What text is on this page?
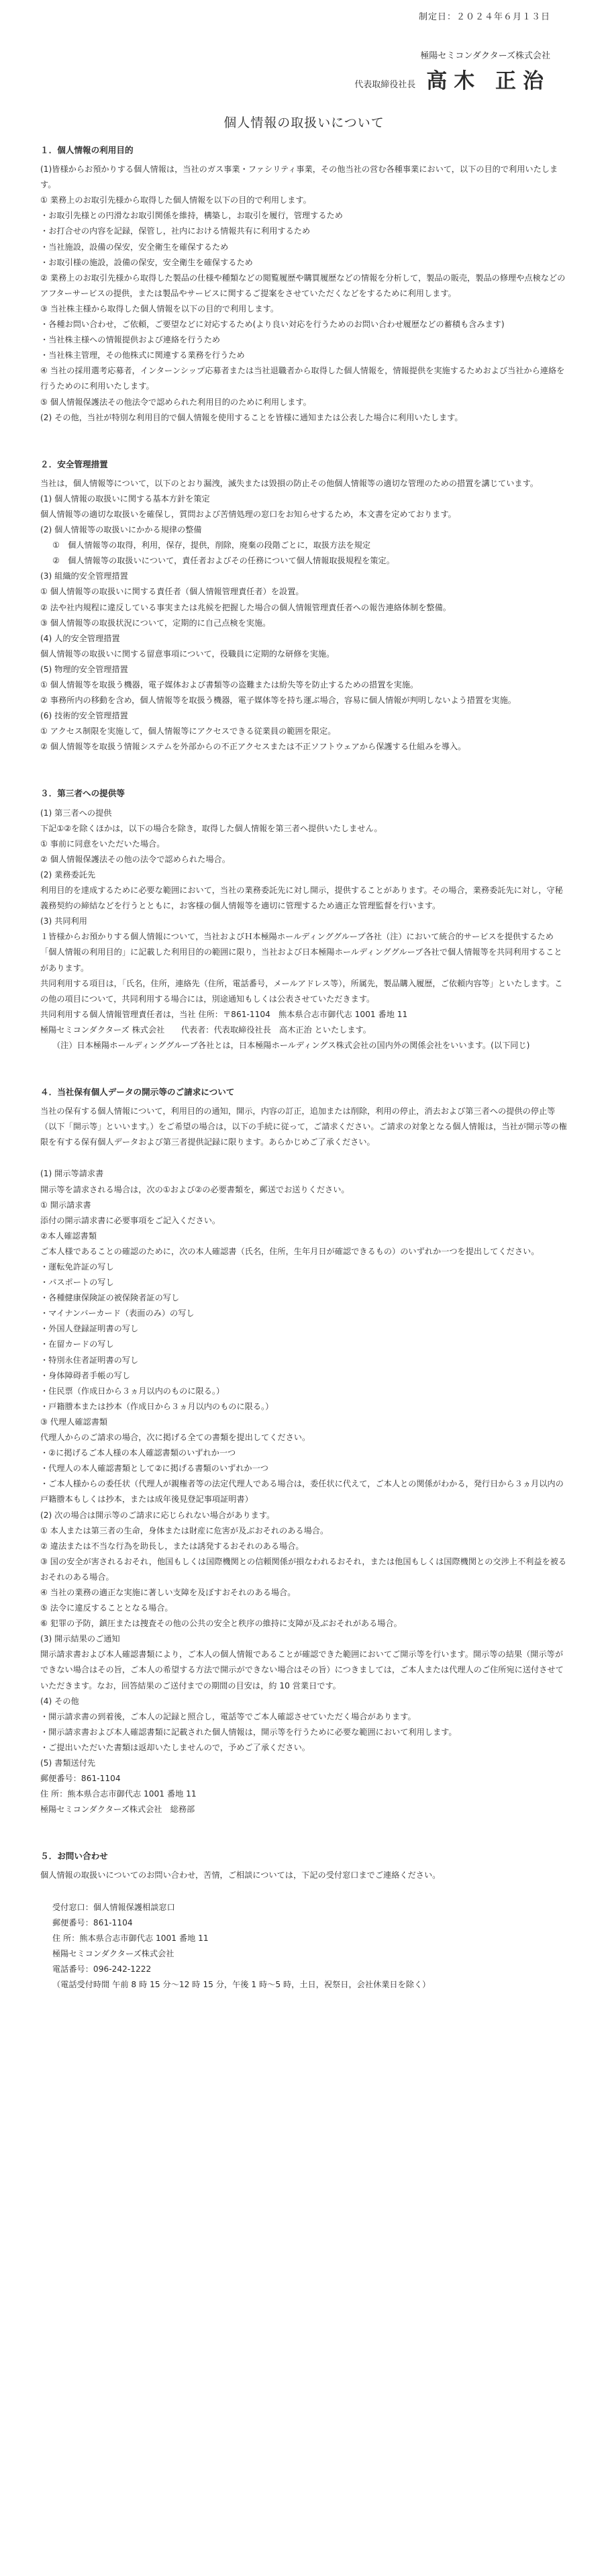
制定日：２０２４年６月１３日
極陽セミコンダクターズ株式会社
代表取締役社長 高木 正治
個人情報の取扱いについて
１．個人情報の利用目的

(1)皆様からお預かりする個人情報は，当社のガス事業・ファシリティ事業，その他当社の営む各種事業において，以下の目的で利用いたします。

① 業務上のお取引先様から取得した個人情報を以下の目的で利用します。

・お取引先様との円滑なお取引関係を維持，構築し，お取引を履行，管理するため

・お打合せの内容を記録，保管し，社内における情報共有に利用するため

・当社施設，設備の保安，安全衛生を確保するため

・お取引様の施設，設備の保安，安全衛生を確保するため

② 業務上のお取引先様から取得した製品の仕様や種類などの閲覧履歴や購買履歴などの情報を分析して，製品の販売，製品の修理や点検などのアフターサービスの提供，または製品やサービスに関するご提案をさせていただくなどをするために利用します。

③ 当社株主様から取得した個人情報を以下の目的で利用します。

・各種お問い合わせ，ご依頼，ご要望などに対応するため(より良い対応を行うためのお問い合わせ履歴などの蓄積も含みます)

・当社株主様への情報提供および連絡を行うため

・当社株主管理，その他株式に関連する業務を行うため

④ 当社の採用選考応募者，インターンシップ応募者または当社退職者から取得した個人情報を，情報提供を実施するためおよび当社から連絡を行うためのに利用いたします。

⑤ 個人情報保護法その他法令で認められた利用目的のために利用します。

(2) その他，当社が特別な利用目的で個人情報を使用することを皆様に通知または公表した場合に利用いたします。

２．安全管理措置

当社は，個人情報等について，以下のとおり漏洩，滅失または毀損の防止その他個人情報等の適切な管理のための措置を講じています。

(1) 個人情報の取扱いに関する基本方針を策定

個人情報等の適切な取扱いを確保し，質問および苦情処理の窓口をお知らせするため，本文書を定めております。

(2) 個人情報等の取扱いにかかる規律の整備

①　個人情報等の取得，利用，保存，提供，削除，廃棄の段階ごとに，取扱方法を規定

②　個人情報等の取扱いについて，責任者およびその任務について個人情報取扱規程を策定。

(3) 組織的安全管理措置

① 個人情報等の取扱いに関する責任者（個人情報管理責任者）を設置。

② 法や社内規程に違反している事実または兆候を把握した場合の個人情報管理責任者への報告連絡体制を整備。

③ 個人情報等の取扱状況について，定期的に自己点検を実施。

(4) 人的安全管理措置

個人情報等の取扱いに関する留意事項について，役職員に定期的な研修を実施。

(5) 物理的安全管理措置

① 個人情報等を取扱う機器，電子媒体および書類等の盗難または紛失等を防止するための措置を実施。

② 事務所内の移動を含め，個人情報等を取扱う機器，電子媒体等を持ち運ぶ場合，容易に個人情報が判明しないよう措置を実施。

(6) 技術的安全管理措置

① アクセス制限を実施して，個人情報等にアクセスできる従業員の範囲を限定。

② 個人情報等を取扱う情報システムを外部からの不正アクセスまたは不正ソフトウェアから保護する仕組みを導入。

３．第三者への提供等

(1) 第三者への提供

下記①②を除くほかは，以下の場合を除き，取得した個人情報を第三者へ提供いたしません。

① 事前に同意をいただいた場合。

② 個人情報保護法その他の法令で認められた場合。

(2) 業務委託先

利用目的を達成するために必要な範囲において，当社の業務委託先に対し開示，提供することがあります。その場合，業務委託先に対し，守秘義務契約の締結などを行うとともに，お客様の個人情報等を適切に管理するため適正な管理監督を行います。

(3) 共同利用

１皆様からお預かりする個人情報について，当社およびＨ本極陽ホールディンググループ各社（注）において統合的サービスを提供するため「個人情報の利用目的」に記載した利用目的の範囲に限り，当社および日本極陽ホールディンググループ各社で個人情報等を共同利用することがあります。

共同利用する項目は，「氏名，住所，連絡先（住所，電話番号，メールアドレス等），所属先，製品購入履歴，ご依頼内容等」といたします。この他の項目について，共同利用する場合には，別途通知もしくは公表させていただきます。

共同利用する個人情報管理責任者は，当社 住所：〒861-1104　熊本県合志市御代志 1001 番地 11

極陽セミコンダクターズ 株式会社　　代表者：代表取締役社長　高木正治 といたします。

（注）日本極陽ホールディンググループ各社とは，日本極陽ホールディングス株式会社の国内外の関係会社をいいます。(以下同じ)

４．当社保有個人データの開示等のご請求について

当社の保有する個人情報について，利用目的の通知，開示，内容の訂正，追加または削除，利用の停止，消去および第三者への提供の停止等（以下「開示等」といいます。）をご希望の場合は，以下の手続に従って，ご請求ください。ご請求の対象となる個人情報は，当社が開示等の権限を有する保有個人データおよび第三者提供記録に限ります。あらかじめご了承ください。

(1) 開示等請求書

開示等を請求される場合は，次の①および②の必要書類を，郵送でお送りください。

① 開示請求書

添付の開示請求書に必要事項をご記入ください。

②本人確認書類

ご本人様であることの確認のために，次の本人確認書（氏名，住所，生年月日が確認できるもの）のいずれか一つを提出してください。

・運転免許証の写し

・パスポートの写し

・各種健康保険証の被保険者証の写し

・マイナンバーカード（表面のみ）の写し

・外国人登録証明書の写し

・在留カードの写し

・特別永住者証明書の写し

・身体障碍者手帳の写し

・住民票（作成日から３ヵ月以内のものに限る。）

・戸籍謄本または抄本（作成日から３ヵ月以内のものに限る。）

③ 代理人確認書類

代理人からのご請求の場合，次に掲げる全ての書類を提出してください。

・②に掲げるご本人様の本人確認書類のいずれか一つ

・代理人の本人確認書類として②に掲げる書類のいずれか一つ

・ご本人様からの委任状（代理人が親権者等の法定代理人である場合は，委任状に代えて，ご本人との関係がわかる，発行日から３ヵ月以内の戸籍謄本もしくは抄本，または成年後見登記事項証明書）

(2) 次の場合は開示等のご請求に応じられない場合があります。

① 本人または第三者の生命，身体または財産に危害が及ぶおそれのある場合。

② 違法または不当な行為を助長し，または誘発するおそれのある場合。

③ 国の安全が害されるおそれ，他国もしくは国際機関との信頼関係が損なわれるおそれ，または他国もしくは国際機関との交渉上不利益を被るおそれのある場合。

④ 当社の業務の適正な実施に著しい支障を及ぼすおそれのある場合。

⑤ 法令に違反することとなる場合。

⑥ 犯罪の予防，鎮圧または捜査その他の公共の安全と秩序の維持に支障が及ぶおそれがある場合。

(3) 開示結果のご通知

開示請求書および本人確認書類により，ご本人の個人情報であることが確認できた範囲においてご開示等を行います。開示等の結果（開示等ができない場合はその旨，ご本人の希望する方法で開示ができない場合はその旨）につきましては，ご本人または代理人のご住所宛に送付させていただきます。なお，回答結果のご送付までの期間の目安は，約 10 営業日です。

(4) その他

・開示請求書の到着後，ご本人の記録と照合し，電話等でご本人確認させていただく場合があります。

・開示請求書および本人確認書類に記載された個人情報は，開示等を行うために必要な範囲において利用します。

・ご提出いただいた書類は返却いたしませんので，予めご了承ください。

(5) 書類送付先

郵便番号：861-1104

住 所：熊本県合志市御代志 1001 番地 11

極陽セミコンダクターズ株式会社　総務部

５．お問い合わせ

個人情報の取扱いについてのお問い合わせ，苦情，ご相談については，下記の受付窓口までご連絡ください。

受付窓口：個人情報保護相談窓口

郵便番号：861-1104

住 所：熊本県合志市御代志 1001 番地 11

極陽セミコンダクターズ株式会社

電話番号：096-242-1222

（電話受付時間 午前 8 時 15 分～12 時 15 分，午後 1 時～5 時，土日，祝祭日，会社休業日を除く）
